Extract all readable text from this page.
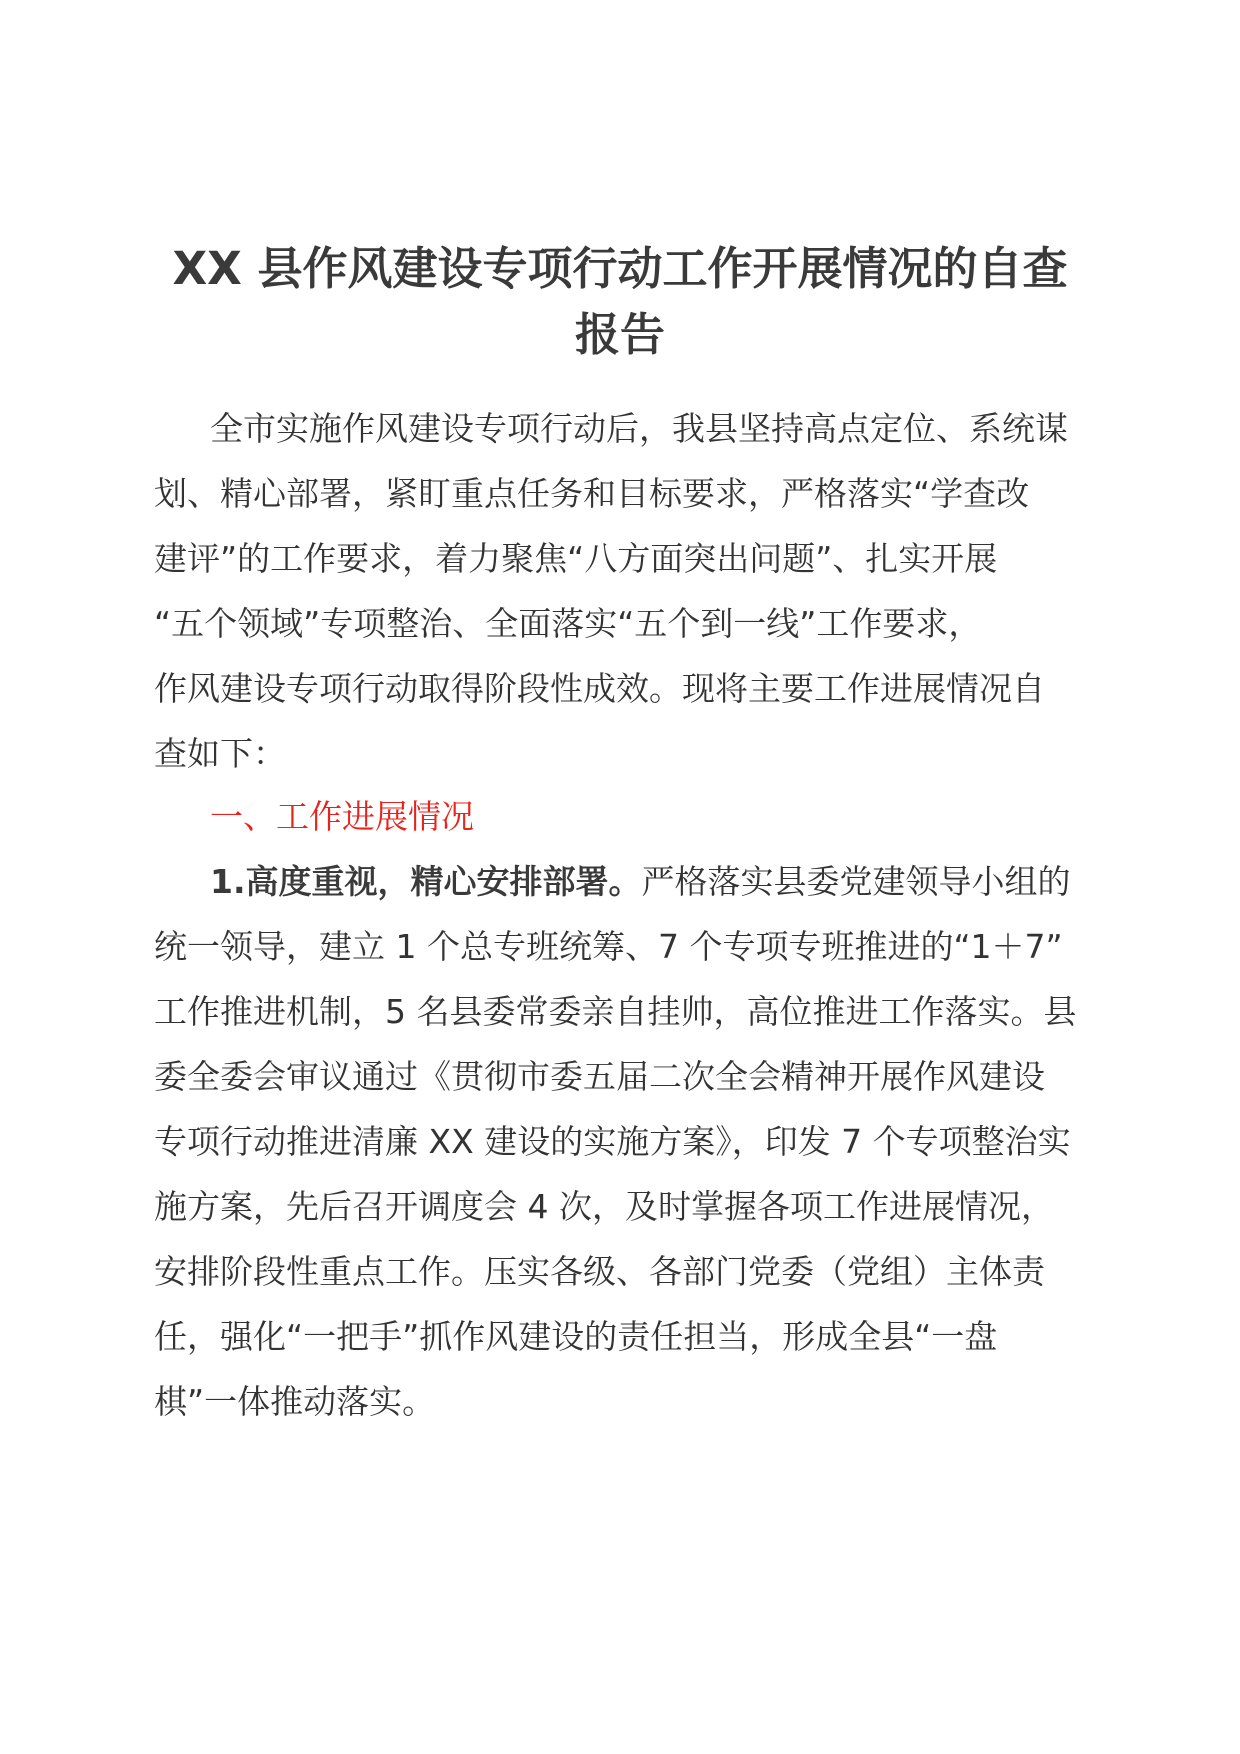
XX 县作风建设专项行动工作开展情况的自查
报告
全市实施作风建设专项行动后，我县坚持高点定位、系统谋
划、精心部署，紧盯重点任务和目标要求，严格落实“学查改
建评”的工作要求，着力聚焦“八方面突出问题”、扎实开展
“五个领域”专项整治、全面落实“五个到一线”工作要求，
作风建设专项行动取得阶段性成效。现将主要工作进展情况自
查如下：
一、工作进展情况
1.高度重视，精心安排部署。严格落实县委党建领导小组的
统一领导，建立 1 个总专班统筹、7 个专项专班推进的“1＋7”
工作推进机制，5 名县委常委亲自挂帅，高位推进工作落实。县
委全委会审议通过《贯彻市委五届二次全会精神开展作风建设
专项行动推进清廉 XX 建设的实施方案》，印发 7 个专项整治实
施方案，先后召开调度会 4 次，及时掌握各项工作进展情况，
安排阶段性重点工作。压实各级、各部门党委（党组）主体责
任，强化“一把手”抓作风建设的责任担当，形成全县“一盘
棋”一体推动落实。
